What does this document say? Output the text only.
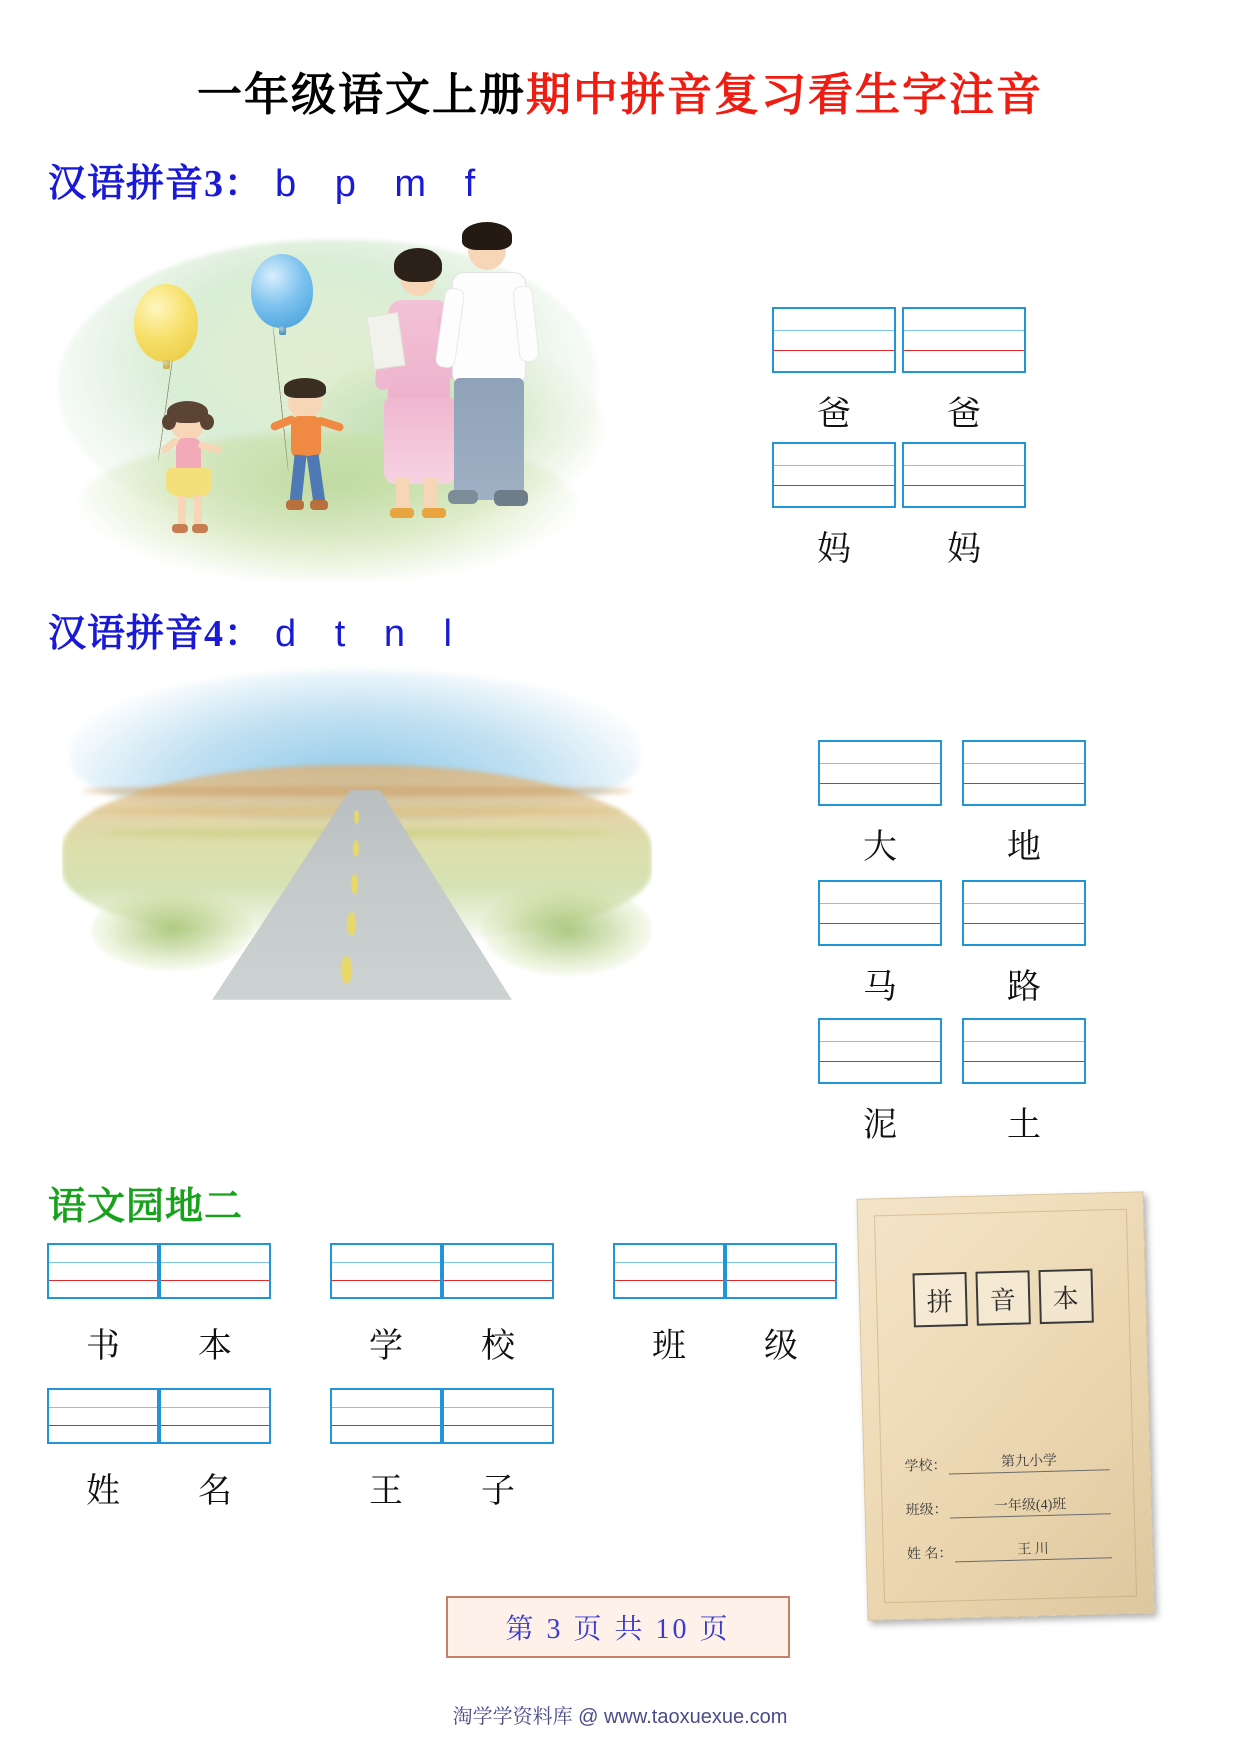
一年级语文上册期中拼音复习看生字注音
汉语拼音3： b p m f
爸	爸
妈	妈
汉语拼音4： d t n l
大	地
马	路
泥	土
语文园地二
书	本	学	校	班	级
姓	名	王	子
拼	音	本
学校：	第九小学
班级：	一年级(4)班
姓 名：	王 川
第 3 页 共 10 页
淘学学资料库 @ www.taoxuexue.com
